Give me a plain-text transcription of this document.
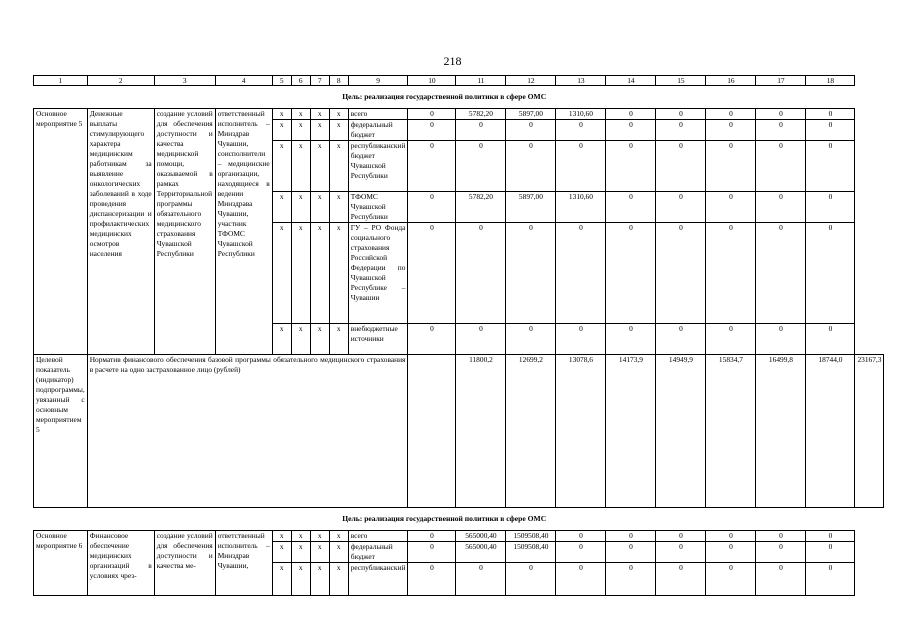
218
1	2	3	4	5	6	7	8	9	10	11	12	13	14	15	16	17	18	
Цель: реализация государственной политики в сфере ОМС																		
Основное мероприятие 5	Денежные выплаты стимулирующего характера медицинским работникам за выявление онкологических заболеваний в ходе проведения диспансеризации и профилактических медицинских осмотров населения	создание условий для обеспечения доступности и качества медицинской помощи, оказываемой в рамках Территориальной программы обязательного медицинского страхования Чувашской Республики	ответственный исполнитель – Минздрав Чувашии, соисполнители – медицинские организации, находящиеся в ведении Минздрава Чувашии, участник ТФОМС Чувашской Республики	x	x	x	x	всего	0	5782,20	5897,00	1310,60	0	0	0	0	0	
				x	x	x	x	федеральный бюджет	0	0	0	0	0	0	0	0	0	
				x	x	x	x	республиканский бюджет Чувашской Республики	0	0	0	0	0	0	0	0	0	
				x	x	x	x	ТФОМС Чувашской Республики	0	5782,20	5897,00	1310,60	0	0	0	0	0	
				x	x	x	x	ГУ – РО Фонда социального страхования Российской Федерации по Чувашской Республике – Чувашии	0	0	0	0	0	0	0	0	0	
				x	x	x	x	внебюджетные источники	0	0	0	0	0	0	0	0	0	
Целевой показатель (индикатор) подпрограммы, увязанный с основным мероприятием 5	Норматив финансового обеспечения базовой программы обязательного медицинского страхования в расчете на одно застрахованное лицо (рублей)									11800,2	12699,2	13078,6	14173,9	14949,9	15834,7	16499,8	18744,0	23167,3
Цель: реализация государственной политики в сфере ОМС																		
Основное мероприятие 6	Финансовое обеспечение медицинских организаций в условиях чрез-	создание условий для обеспечения доступности и качества ме-	ответственный исполнитель – Минздрав Чувашии,	x	x	x	x	всего	0	565000,40	1509508,40	0	0	0	0	0	0	
				x	x	x	x	федеральный бюджет	0	565000,40	1509508,40	0	0	0	0	0	0	
				x	x	x	x	республиканский	0	0	0	0	0	0	0	0	0	
